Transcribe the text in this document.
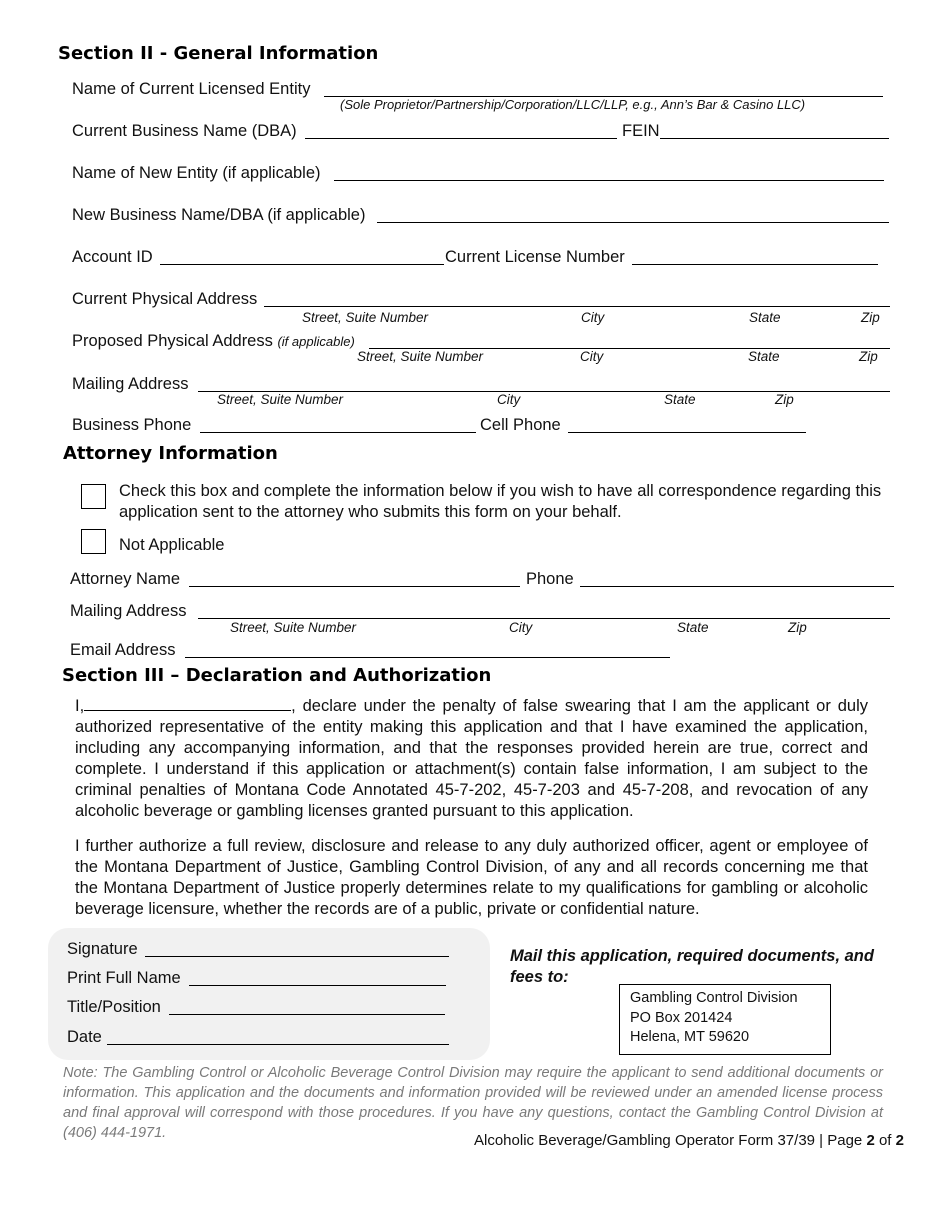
Section II - General Information
Name of Current Licensed Entity
(Sole Proprietor/Partnership/Corporation/LLC/LLP, e.g., Ann’s Bar & Casino LLC)
Current Business Name (DBA)	FEIN
Name of New Entity (if applicable)
New Business Name/DBA (if applicable)
Account ID	Current License Number
Current Physical Address
Street, Suite Number	City	State	Zip
Proposed Physical Address (if applicable)
Street, Suite Number	City	State	Zip
Mailing Address
Street, Suite Number	City	State	Zip
Business Phone	Cell Phone
Attorney Information
Check this box and complete the information below if you wish to have all correspondence regarding this application sent to the attorney who submits this form on your behalf.
Not Applicable
Attorney Name	Phone
Mailing Address
Street, Suite Number	City	State	Zip
Email Address
Section III – Declaration and Authorization
I,	, declare under the penalty of false swearing that I am the applicant or duly authorized representative of the entity making this application and that I have examined the application, including any accompanying information, and that the responses provided herein are true, correct and complete. I understand if this application or attachment(s) contain false information, I am subject to the criminal penalties of Montana Code Annotated 45-7-202, 45-7-203 and 45-7-208, and revocation of any alcoholic beverage or gambling licenses granted pursuant to this application.
I further authorize a full review, disclosure and release to any duly authorized officer, agent or employee of the Montana Department of Justice, Gambling Control Division, of any and all records concerning me that the Montana Department of Justice properly determines relate to my qualifications for gambling or alcoholic beverage licensure, whether the records are of a public, private or confidential nature.
Signature
Print Full Name
Title/Position
Date
Mail this application, required documents, and
fees to:
Gambling Control Division
PO Box 201424
Helena, MT 59620
Note: The Gambling Control or Alcoholic Beverage Control Division may require the applicant to send additional documents or information. This application and the documents and information provided will be reviewed under an amended license process and final approval will correspond with those procedures. If you have any questions, contact the Gambling Control Division at (406) 444-1971.	Alcoholic Beverage/Gambling Operator Form 37/39 | Page 2 of 2
